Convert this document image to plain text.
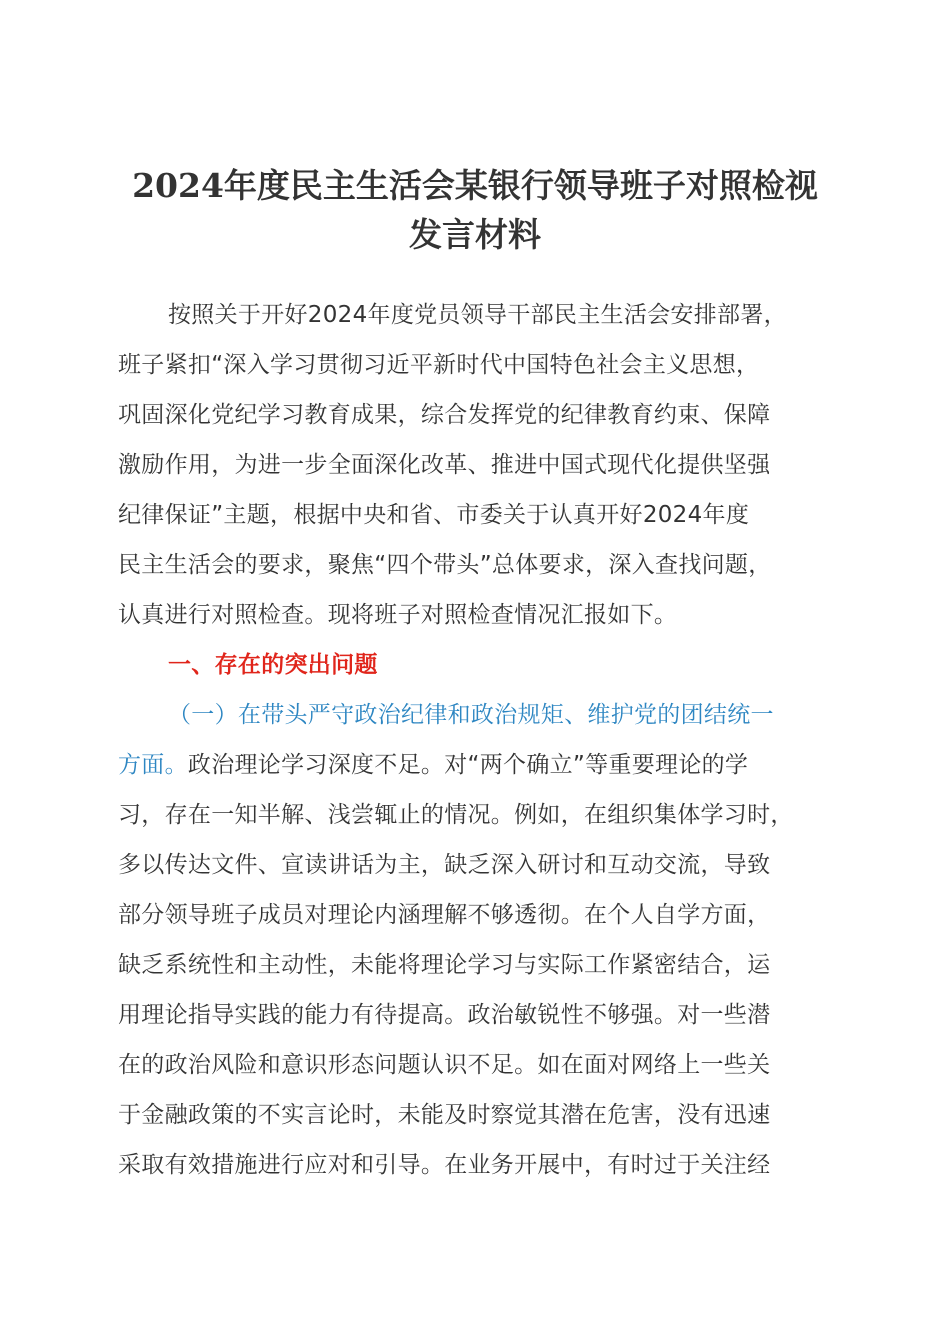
2024年度民主生活会某银行领导班子对照检视
发言材料
按照关于开好2024年度党员领导干部民主生活会安排部署，
班子紧扣“深入学习贯彻习近平新时代中国特色社会主义思想，
巩固深化党纪学习教育成果，综合发挥党的纪律教育约束、保障
激励作用，为进一步全面深化改革、推进中国式现代化提供坚强
纪律保证”主题，根据中央和省、市委关于认真开好2024年度
民主生活会的要求，聚焦“四个带头”总体要求，深入查找问题，
认真进行对照检查。现将班子对照检查情况汇报如下。
一、存在的突出问题
（一）在带头严守政治纪律和政治规矩、维护党的团结统一
方面。政治理论学习深度不足。对“两个确立”等重要理论的学
习，存在一知半解、浅尝辄止的情况。例如，在组织集体学习时，
多以传达文件、宣读讲话为主，缺乏深入研讨和互动交流，导致
部分领导班子成员对理论内涵理解不够透彻。在个人自学方面，
缺乏系统性和主动性，未能将理论学习与实际工作紧密结合，运
用理论指导实践的能力有待提高。政治敏锐性不够强。对一些潜
在的政治风险和意识形态问题认识不足。如在面对网络上一些关
于金融政策的不实言论时，未能及时察觉其潜在危害，没有迅速
采取有效措施进行应对和引导。在业务开展中，有时过于关注经
